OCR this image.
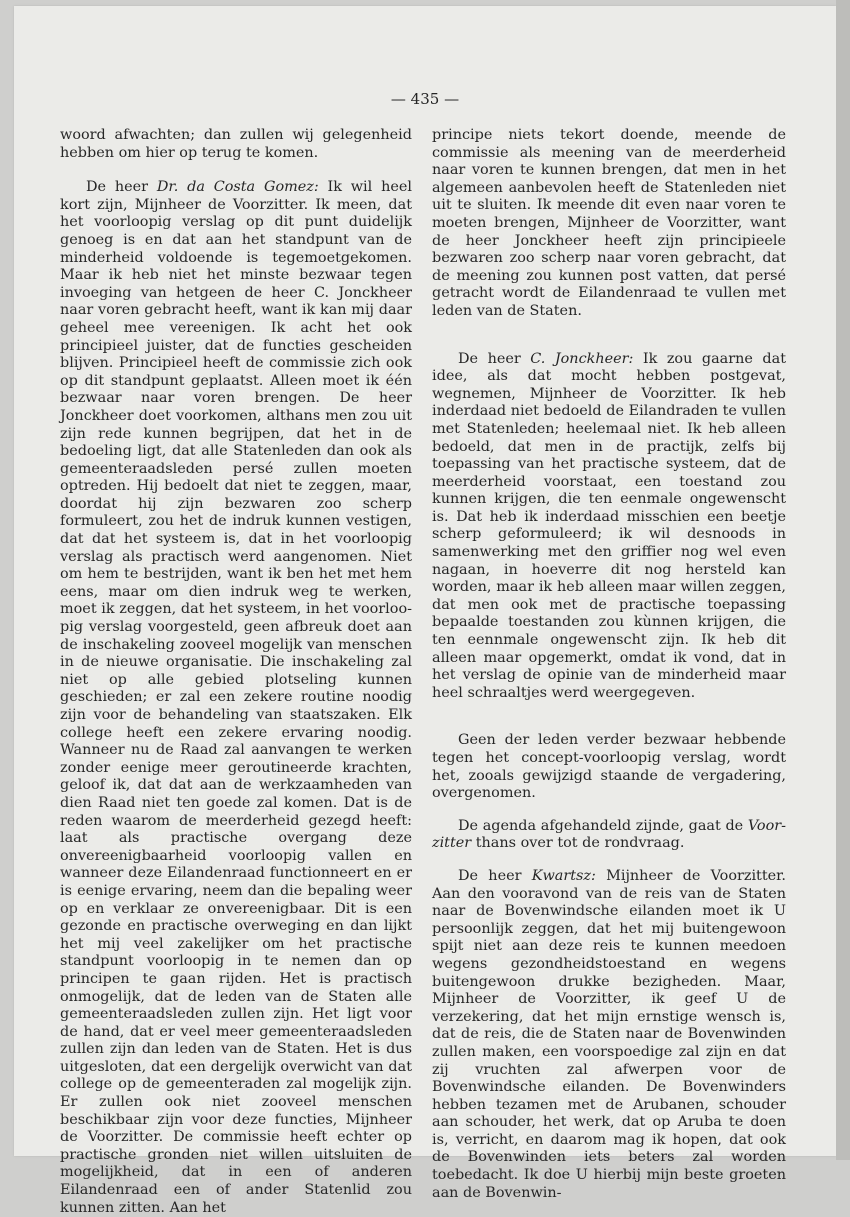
— 435 —

woord afwachten; dan zullen wij gelegenheid hebben om hier op terug te komen.

De heer Dr. da Costa Gomez: Ik wil heel kort zijn, Mijnheer de Voorzitter. Ik meen, dat het voorloopig verslag op dit punt duidelijk genoeg is en dat aan het standpunt van de minderheid voldoende is tegemoetgekomen. Maar ik heb niet het minste bezwaar tegen invoeging van hetgeen de heer C. Jonckheer naar voren gebracht heeft, want ik kan mij daar geheel mee vereenigen. Ik acht het ook principieel juister, dat de functies gescheiden blijven. Principieel heeft de commissie zich ook op dit standpunt geplaatst. Alleen moet ik één bezwaar naar voren brengen. De heer Jonckheer doet voorkomen, althans men zou uit zijn rede kunnen begrijpen, dat het in de bedoeling ligt, dat alle Statenleden dan ook als gemeenteraadsleden persé zullen moeten optreden. Hij bedoelt dat niet te zeggen, maar, doordat hij zijn bezwaren zoo scherp formuleert, zou het de indruk kunnen vestigen, dat dat het systeem is, dat in het voorloopig verslag als practisch werd aangenomen. Niet om hem te bestrijden, want ik ben het met hem eens, maar om dien indruk weg te werken, moet ik zeggen, dat het systeem, in het voorloopig verslag voorgesteld, geen afbreuk doet aan de inschakeling zooveel mogelijk van menschen in de nieuwe organisatie. Die inschakeling zal niet op alle gebied plotseling kunnen geschieden; er zal een zekere routine noodig zijn voor de behandeling van staatszaken. Elk college heeft een zekere ervaring noodig. Wanneer nu de Raad zal aanvangen te werken zonder eenige meer geroutineerde krachten, geloof ik, dat dat aan de werkzaamheden van dien Raad niet ten goede zal komen. Dat is de reden waarom de meerderheid gezegd heeft: laat als practische overgang deze onvereenigbaarheid voorloopig vallen en wanneer deze Eilandenraad functionneert en er is eenige ervaring, neem dan die bepaling weer op en verklaar ze onvereenigbaar. Dit is een gezonde en practische overweging en dan lijkt het mij veel zakelijker om het practische standpunt voorloopig in te nemen dan op principen te gaan rijden. Het is practisch onmogelijk, dat de leden van de Staten alle gemeenteraadsleden zullen zijn. Het ligt voor de hand, dat er veel meer gemeenteraadsleden zullen zijn dan leden van de Staten. Het is dus uitgesloten, dat een dergelijk overwicht van dat college op de gemeenteraden zal mogelijk zijn. Er zullen ook niet zooveel menschen beschikbaar zijn voor deze functies, Mijnheer de Voorzitter. De commissie heeft echter op practische gronden niet willen uitsluiten de mogelijkheid, dat in een of anderen Eilandenraad een of ander Statenlid zou kunnen zitten. Aan het

principe niets tekort doende, meende de commissie als meening van de meerderheid naar voren te kunnen brengen, dat men in het algemeen aanbevolen heeft de Statenleden niet uit te sluiten. Ik meende dit even naar voren te moeten brengen, Mijnheer de Voorzitter, want de heer Jonckheer heeft zijn principieele bezwaren zoo scherp naar voren gebracht, dat de meening zou kunnen post vatten, dat persé getracht wordt de Eilandenraad te vullen met leden van de Staten.

De heer C. Jonckheer: Ik zou gaarne dat idee, als dat mocht hebben postgevat, wegnemen, Mijnheer de Voorzitter. Ik heb inderdaad niet bedoeld de Eilandraden te vullen met Statenleden; heelemaal niet. Ik heb alleen bedoeld, dat men in de practijk, zelfs bij toepassing van het practische systeem, dat de meerderheid voorstaat, een toestand zou kunnen krijgen, die ten eenmale ongewenscht is. Dat heb ik inderdaad misschien een beetje scherp geformuleerd; ik wil desnoods in samenwerking met den griffier nog wel even nagaan, in hoeverre dit nog hersteld kan worden, maar ik heb alleen maar willen zeggen, dat men ook met de practische toepassing bepaalde toestanden zou kùnnen krijgen, die ten eennmale ongewenscht zijn. Ik heb dit alleen maar opgemerkt, omdat ik vond, dat in het verslag de opinie van de minderheid maar heel schraaltjes werd weergegeven.

Geen der leden verder bezwaar hebbende tegen het concept-voorloopig verslag, wordt het, zooals gewijzigd staande de vergadering, overgenomen.

De agenda afgehandeld zijnde, gaat de Voorzitter thans over tot de rondvraag.

De heer Kwartsz: Mijnheer de Voorzitter. Aan den vooravond van de reis van de Staten naar de Bovenwindsche eilanden moet ik U persoonlijk zeggen, dat het mij buitengewoon spijt niet aan deze reis te kunnen meedoen wegens gezondheidstoestand en wegens buitengewoon drukke bezigheden. Maar, Mijnheer de Voorzitter, ik geef U de verzekering, dat het mijn ernstige wensch is, dat de reis, die de Staten naar de Bovenwinden zullen maken, een voorspoedige zal zijn en dat zij vruchten zal afwerpen voor de Bovenwindsche eilanden. De Bovenwinders hebben tezamen met de Arubanen, schouder aan schouder, het werk, dat op Aruba te doen is, verricht, en daarom mag ik hopen, dat ook de Bovenwinden iets beters zal worden toebedacht. Ik doe U hierbij mijn beste groeten aan de Bovenwin-
